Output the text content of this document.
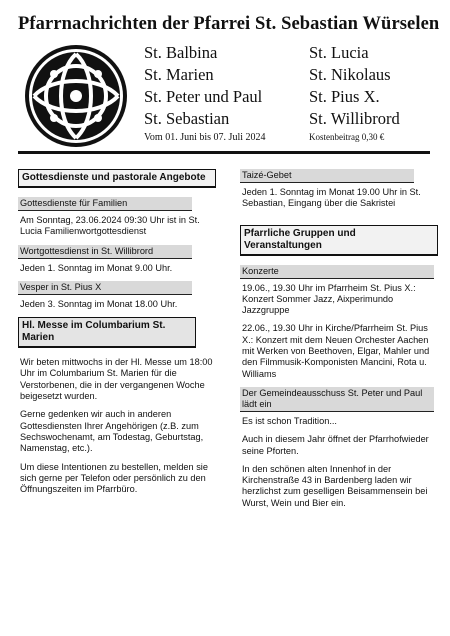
Pfarrnachrichten der Pfarrei St. Sebastian Würselen
St. Balbina
St. Marien
St. Peter und Paul
St. Sebastian
St. Lucia
St. Nikolaus
St. Pius X.
St. Willibrord
Vom 01. Juni bis 07. Juli 2024	Kostenbeitrag 0,30 €
Gottesdienste und pastorale Angebote
Gottesdienste für Familien

Am Sonntag, 23.06.2024 09:30 Uhr ist in St. Lucia Familienwortgottesdienst

Wortgottesdienst in St. Willibrord

Jeden 1. Sonntag im Monat 9.00 Uhr.

Vesper in St. Pius X

Jeden 3. Sonntag im Monat 18.00 Uhr.

Hl. Messe im Columbarium St. Marien

Wir beten mittwochs in der Hl. Messe um 18:00 Uhr im Columbarium St. Marien für die Verstorbenen, die in der vergangenen Woche beigesetzt wurden.

Gerne gedenken wir auch in anderen Gottesdiensten Ihrer Angehörigen (z.B. zum Sechswochenamt, am Todestag, Geburtstag, Namenstag, etc.).

Um diese Intentionen zu bestellen, melden sie sich gerne per Telefon oder persönlich zu den Öffnungszeiten im Pfarrbüro.

Taizé-Gebet

Jeden 1. Sonntag im Monat 19.00 Uhr in St. Sebastian, Eingang über die Sakristei

Pfarrliche Gruppen und Veranstaltungen
Konzerte

19.06., 19.30 Uhr im Pfarrheim St. Pius X.: Konzert Sommer Jazz, Aixperimundo Jazzgruppe

22.06., 19.30 Uhr in Kirche/Pfarrheim St. Pius X.: Konzert mit dem Neuen Orchester Aachen mit Werken von Beethoven, Elgar, Mahler und den Filmmusik-Komponisten Mancini, Rota u. Williams

Der Gemeindeausschuss St. Peter und Paul lädt ein

Es ist schon Tradition...

Auch in diesem Jahr öffnet der Pfarrhofwieder seine Pforten.

In den schönen alten Innenhof in der Kirchenstraße 43 in Bardenberg laden wir herzlichst zum geselligen Beisammensein bei Wurst, Wein und Bier ein.
